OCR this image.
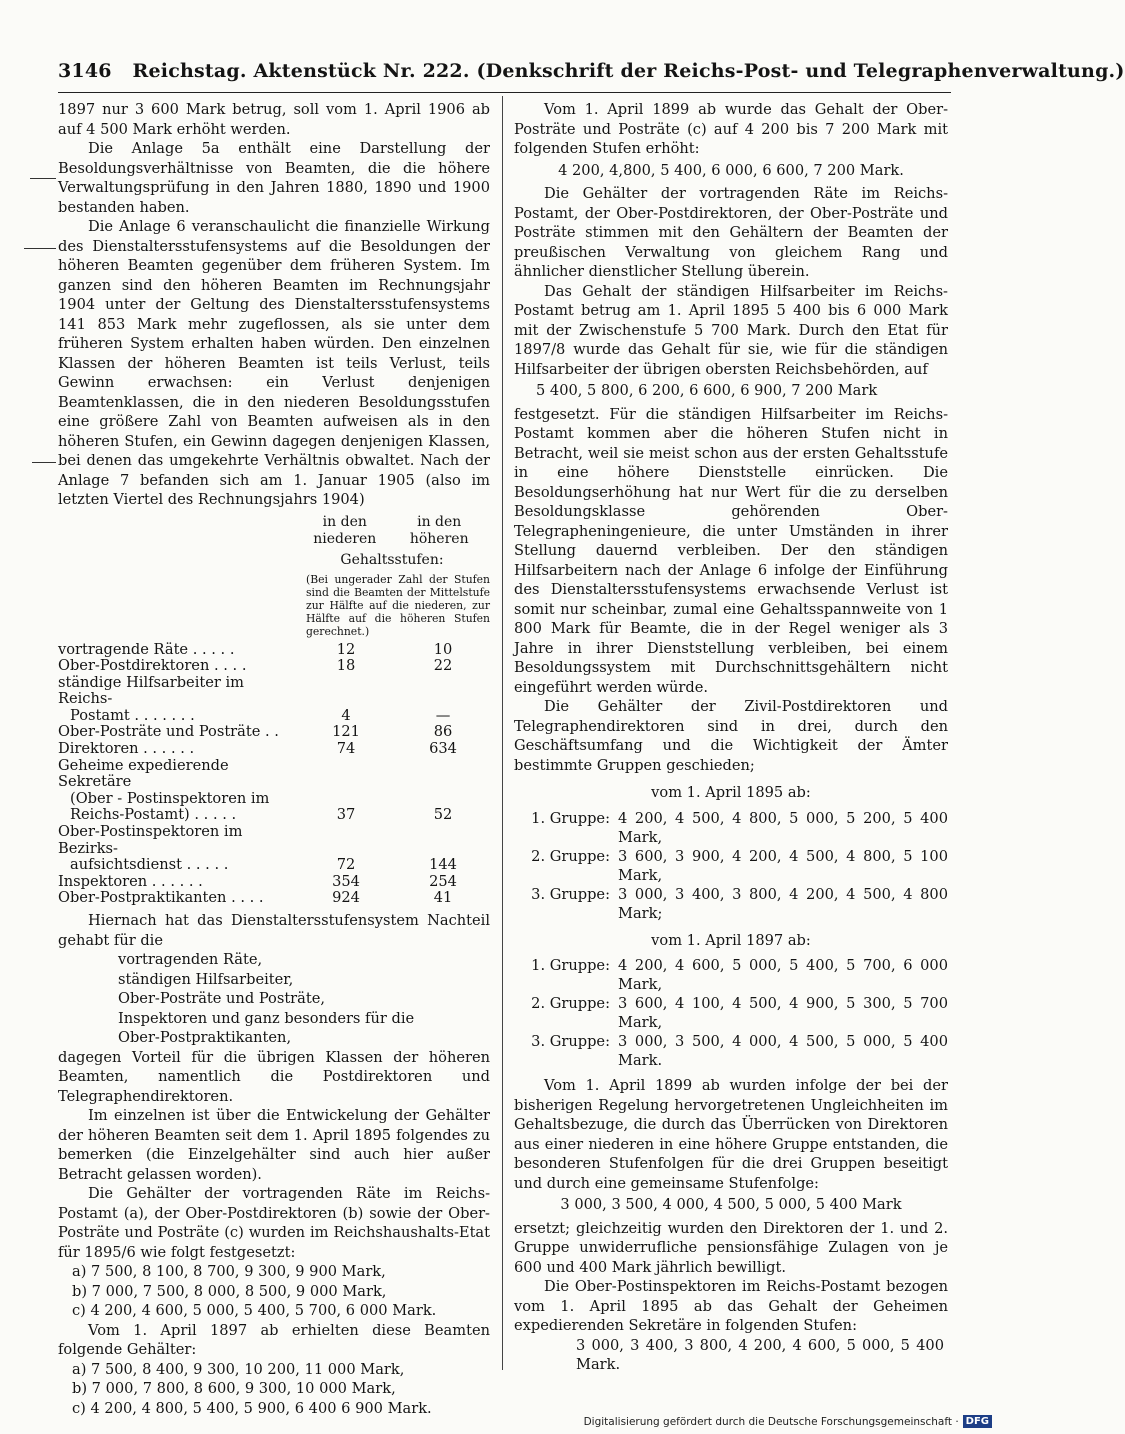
3146 Reichstag. Aktenstück Nr. 222. (Denkschrift der Reichs-Post- und Telegraphenverwaltung.)

1897 nur 3 600 Mark betrug, soll vom 1. April 1906 ab auf 4 500 Mark erhöht werden.

Die Anlage 5a enthält eine Darstellung der Besoldungsverhältnisse von Beamten, die die höhere Verwaltungsprüfung in den Jahren 1880, 1890 und 1900 bestanden haben.

Die Anlage 6 veranschaulicht die finanzielle Wirkung des Dienstaltersstufensystems auf die Besoldungen der höheren Beamten gegenüber dem früheren System. Im ganzen sind den höheren Beamten im Rechnungsjahr 1904 unter der Geltung des Dienstaltersstufensystems 141 853 Mark mehr zugeflossen, als sie unter dem früheren System erhalten haben würden. Den einzelnen Klassen der höheren Beamten ist teils Verlust, teils Gewinn erwachsen: ein Verlust denjenigen Beamtenklassen, die in den niederen Besoldungsstufen eine größere Zahl von Beamten aufweisen als in den höheren Stufen, ein Gewinn dagegen denjenigen Klassen, bei denen das umgekehrte Verhältnis obwaltet. Nach der Anlage 7 befanden sich am 1. Januar 1905 (also im letzten Viertel des Rechnungsjahrs 1904)

in den niederen in den höheren
Gehaltsstufen:
(Bei ungerader Zahl der Stufen sind die Beamten der Mittelstufe zur Hälfte auf die niederen, zur Hälfte auf die höheren Stufen gerechnet.)
vortragende Räte . . . . .	12	10
Ober-Postdirektoren . . . .	18	22
ständige Hilfsarbeiter im Reichs-
Postamt . . . . . . .	4	—
Ober-Posträte und Posträte . .	121	86
Direktoren . . . . . .	74	634
Geheime expedierende Sekretäre
(Ober - Postinspektoren im
Reichs-Postamt) . . . . .	37	52
Ober-Postinspektoren im Bezirks-
aufsichtsdienst . . . . .	72	144
Inspektoren . . . . . .	354	254
Ober-Postpraktikanten . . . .	924	41

Hiernach hat das Dienstaltersstufensystem Nachteil gehabt für die

vortragenden Räte,
ständigen Hilfsarbeiter,
Ober-Posträte und Posträte,
Inspektoren und ganz besonders für die
Ober-Postpraktikanten,

dagegen Vorteil für die übrigen Klassen der höheren Beamten, namentlich die Postdirektoren und Telegraphendirektoren.

Im einzelnen ist über die Entwickelung der Gehälter der höheren Beamten seit dem 1. April 1895 folgendes zu bemerken (die Einzelgehälter sind auch hier außer Betracht gelassen worden).

Die Gehälter der vortragenden Räte im Reichs-Postamt (a), der Ober-Postdirektoren (b) sowie der Ober-Posträte und Posträte (c) wurden im Reichshaushalts-Etat für 1895/6 wie folgt festgesetzt:

a) 7 500, 8 100, 8 700, 9 300, 9 900 Mark,
b) 7 000, 7 500, 8 000, 8 500, 9 000 Mark,
c) 4 200, 4 600, 5 000, 5 400, 5 700, 6 000 Mark.

Vom 1. April 1897 ab erhielten diese Beamten folgende Gehälter:

a) 7 500, 8 400, 9 300, 10 200, 11 000 Mark,
b) 7 000, 7 800, 8 600, 9 300, 10 000 Mark,
c) 4 200, 4 800, 5 400, 5 900, 6 400 6 900 Mark.

Vom 1. April 1899 ab wurde das Gehalt der Ober-Posträte und Posträte (c) auf 4 200 bis 7 200 Mark mit folgenden Stufen erhöht:

4 200, 4,800, 5 400, 6 000, 6 600, 7 200 Mark.

Die Gehälter der vortragenden Räte im Reichs-Postamt, der Ober-Postdirektoren, der Ober-Posträte und Posträte stimmen mit den Gehältern der Beamten der preußischen Verwaltung von gleichem Rang und ähnlicher dienstlicher Stellung überein.

Das Gehalt der ständigen Hilfsarbeiter im Reichs-Postamt betrug am 1. April 1895 5 400 bis 6 000 Mark mit der Zwischenstufe 5 700 Mark. Durch den Etat für 1897/8 wurde das Gehalt für sie, wie für die ständigen Hilfsarbeiter der übrigen obersten Reichsbehörden, auf

5 400, 5 800, 6 200, 6 600, 6 900, 7 200 Mark

festgesetzt. Für die ständigen Hilfsarbeiter im Reichs-Postamt kommen aber die höheren Stufen nicht in Betracht, weil sie meist schon aus der ersten Gehaltsstufe in eine höhere Dienststelle einrücken. Die Besoldungserhöhung hat nur Wert für die zu derselben Besoldungsklasse gehörenden Ober-Telegrapheningenieure, die unter Umständen in ihrer Stellung dauernd verbleiben. Der den ständigen Hilfsarbeitern nach der Anlage 6 infolge der Einführung des Dienstaltersstufensystems erwachsende Verlust ist somit nur scheinbar, zumal eine Gehaltsspannweite von 1 800 Mark für Beamte, die in der Regel weniger als 3 Jahre in ihrer Dienststellung verbleiben, bei einem Besoldungssystem mit Durchschnittsgehältern nicht eingeführt werden würde.

Die Gehälter der Zivil-Postdirektoren und Telegraphendirektoren sind in drei, durch den Geschäftsumfang und die Wichtigkeit der Ämter bestimmte Gruppen geschieden;

vom 1. April 1895 ab:

1. Gruppe: 4 200, 4 500, 4 800, 5 000, 5 200, 5 400 Mark,
2. Gruppe: 3 600, 3 900, 4 200, 4 500, 4 800, 5 100 Mark,
3. Gruppe: 3 000, 3 400, 3 800, 4 200, 4 500, 4 800 Mark;

vom 1. April 1897 ab:

1. Gruppe: 4 200, 4 600, 5 000, 5 400, 5 700, 6 000 Mark,
2. Gruppe: 3 600, 4 100, 4 500, 4 900, 5 300, 5 700 Mark,
3. Gruppe: 3 000, 3 500, 4 000, 4 500, 5 000, 5 400 Mark.

Vom 1. April 1899 ab wurden infolge der bei der bisherigen Regelung hervorgetretenen Ungleichheiten im Gehaltsbezuge, die durch das Überrücken von Direktoren aus einer niederen in eine höhere Gruppe entstanden, die besonderen Stufenfolgen für die drei Gruppen beseitigt und durch eine gemeinsame Stufenfolge:

3 000, 3 500, 4 000, 4 500, 5 000, 5 400 Mark

ersetzt; gleichzeitig wurden den Direktoren der 1. und 2. Gruppe unwiderrufliche pensionsfähige Zulagen von je 600 und 400 Mark jährlich bewilligt.

Die Ober-Postinspektoren im Reichs-Postamt bezogen vom 1. April 1895 ab das Gehalt der Geheimen expedierenden Sekretäre in folgenden Stufen:

3 000, 3 400, 3 800, 4 200, 4 600, 5 000, 5 400 Mark.

Digitalisierung gefördert durch die Deutsche Forschungsgemeinschaft · DFG
